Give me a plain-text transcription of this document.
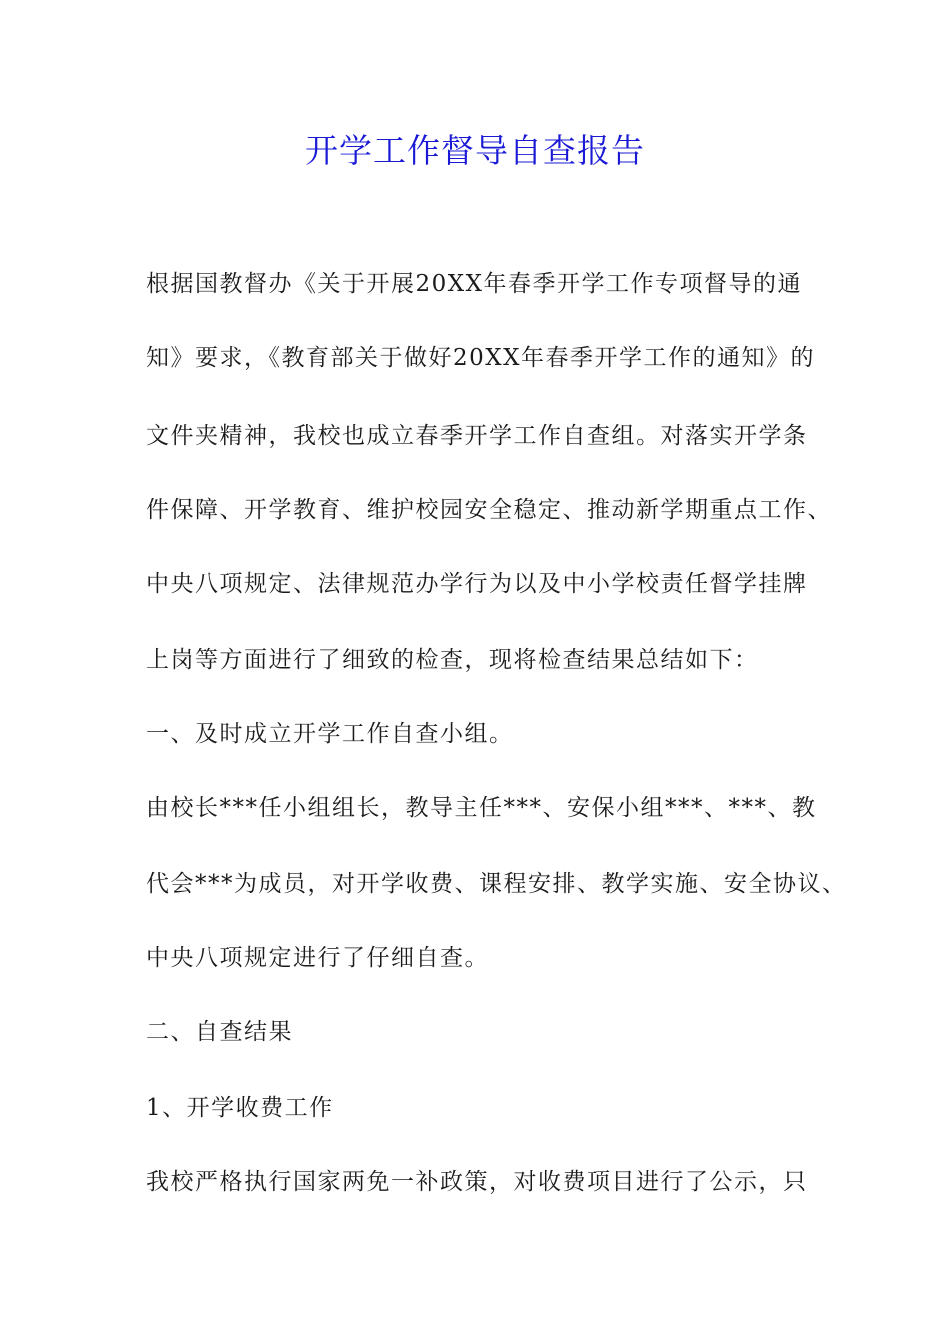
开学工作督导自查报告
根据国教督办《关于开展20XX年春季开学工作专项督导的通
知》要求，《教育部关于做好20XX年春季开学工作的通知》的
文件夹精神，我校也成立春季开学工作自查组。对落实开学条
件保障、开学教育、维护校园安全稳定、推动新学期重点工作、
中央八项规定、法律规范办学行为以及中小学校责任督学挂牌
上岗等方面进行了细致的检查，现将检查结果总结如下：
一、及时成立开学工作自查小组。
由校长***任小组组长，教导主任***、安保小组***、***、教
代会***为成员，对开学收费、课程安排、教学实施、安全协议、
中央八项规定进行了仔细自查。
二、自查结果
1、开学收费工作
我校严格执行国家两免一补政策，对收费项目进行了公示，只
